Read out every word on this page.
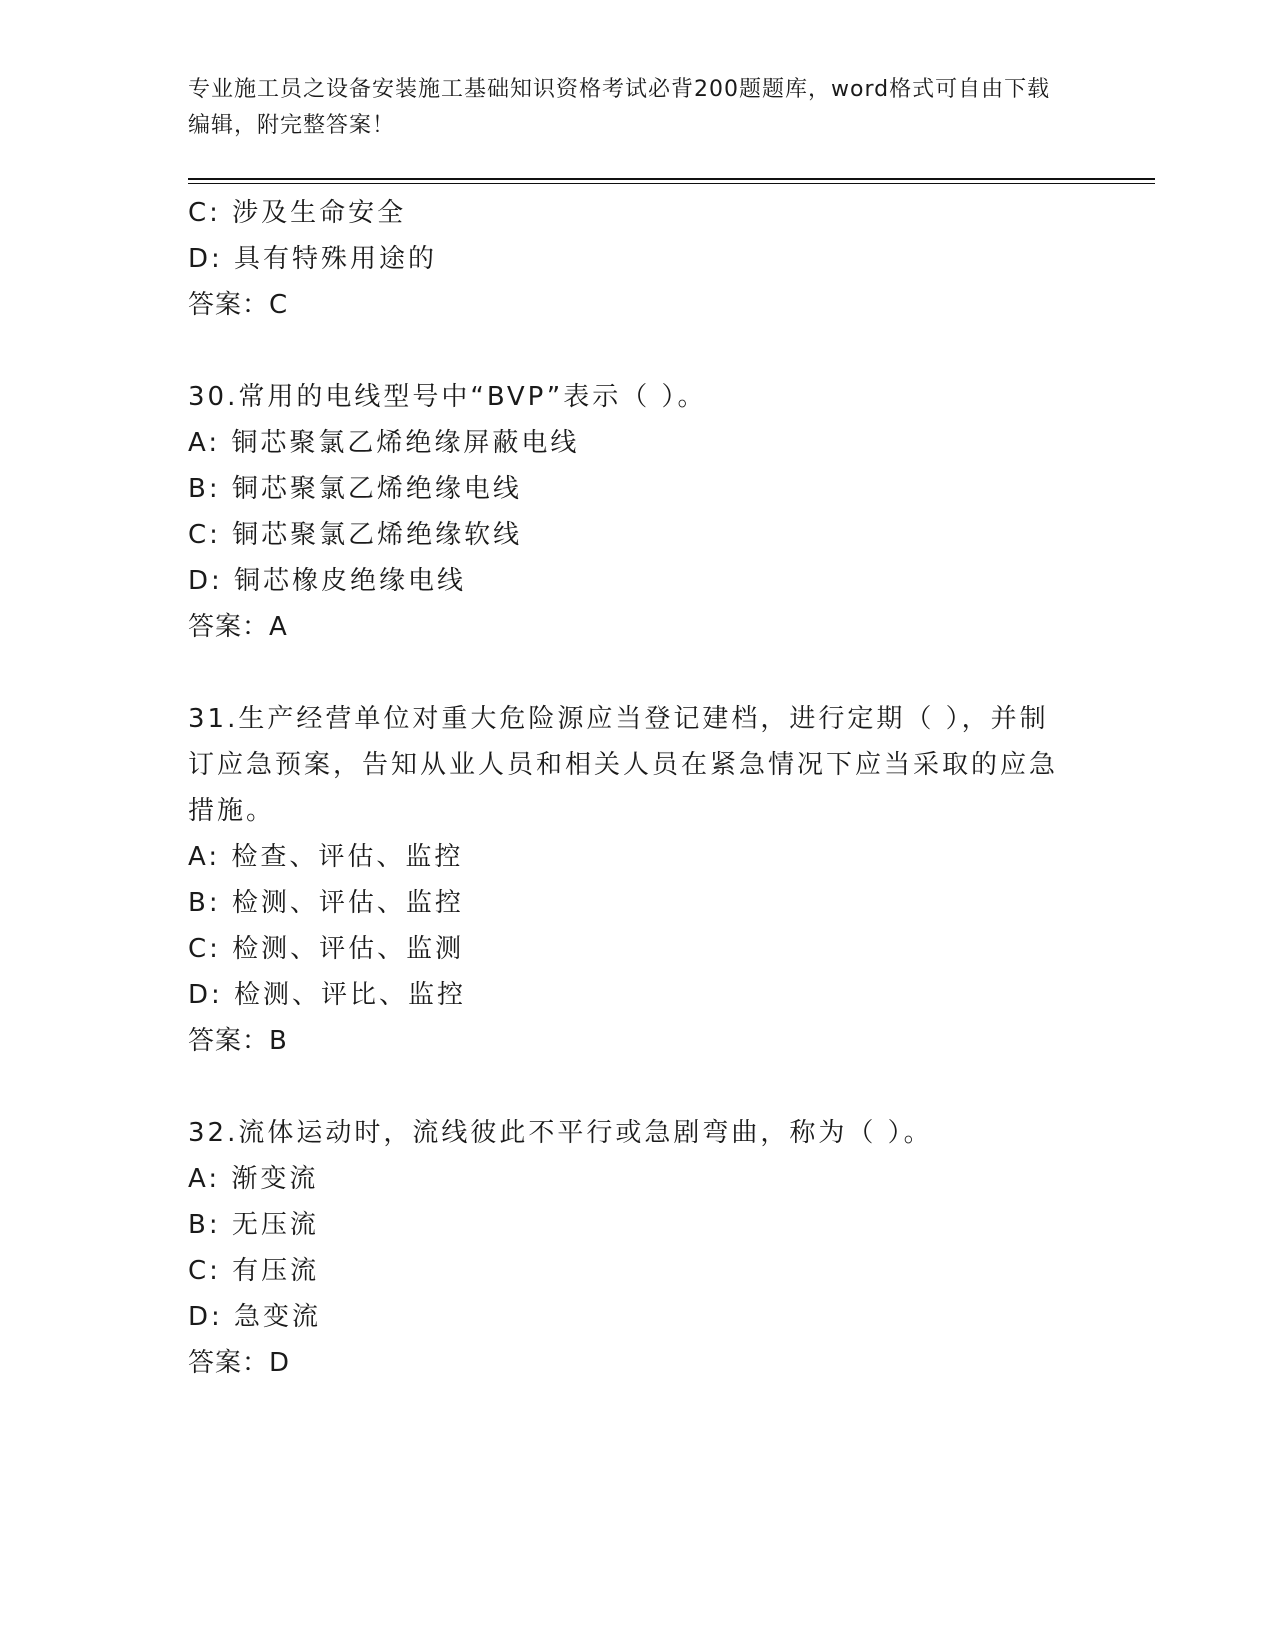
专业施工员之设备安装施工基础知识资格考试必背200题题库，word格式可自由下载编辑，附完整答案！
C: 涉及生命安全
D: 具有特殊用途的
答案：C
30.常用的电线型号中“BVP”表示（ ）。
A: 铜芯聚氯乙烯绝缘屏蔽电线
B: 铜芯聚氯乙烯绝缘电线
C: 铜芯聚氯乙烯绝缘软线
D: 铜芯橡皮绝缘电线
答案：A
31.生产经营单位对重大危险源应当登记建档，进行定期（ ），并制订应急预案，告知从业人员和相关人员在紧急情况下应当采取的应急措施。
A: 检查、评估、监控
B: 检测、评估、监控
C: 检测、评估、监测
D: 检测、评比、监控
答案：B
32.流体运动时，流线彼此不平行或急剧弯曲，称为（ ）。
A: 渐变流
B: 无压流
C: 有压流
D: 急变流
答案：D
